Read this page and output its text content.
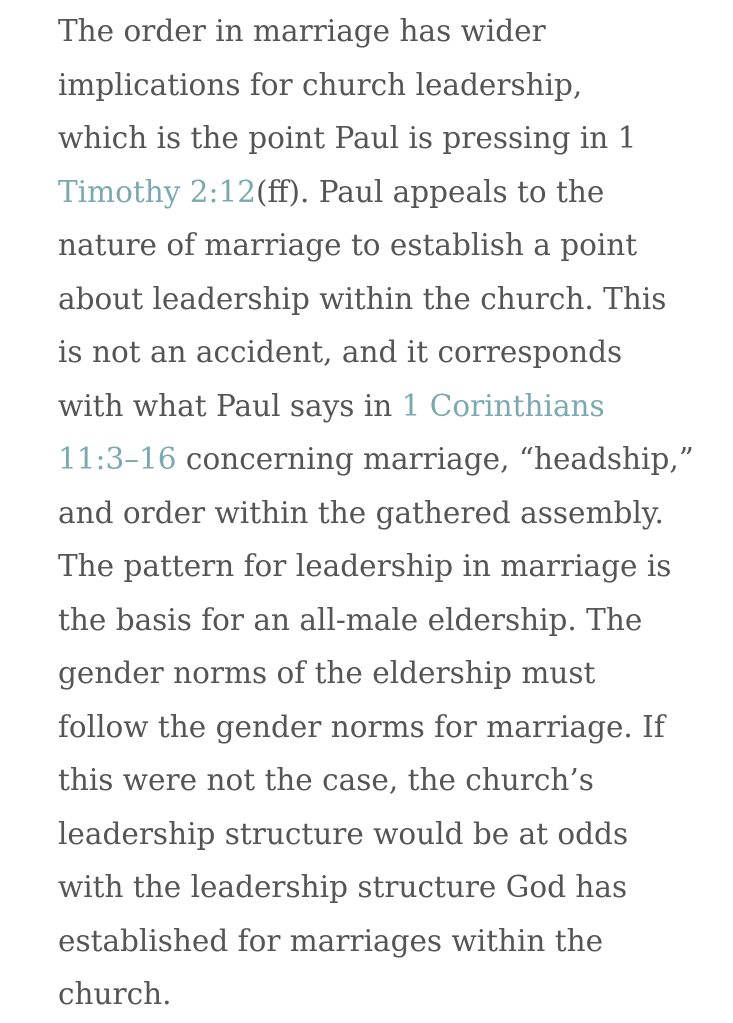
The order in marriage has wider
implications for church leadership,
which is the point Paul is pressing in 1
Timothy 2:12(ff). Paul appeals to the
nature of marriage to establish a point
about leadership within the church. This
is not an accident, and it corresponds
with what Paul says in 1 Corinthians
11:3–16 concerning marriage, “headship,”
and order within the gathered assembly.
The pattern for leadership in marriage is
the basis for an all-male eldership. The
gender norms of the eldership must
follow the gender norms for marriage. If
this were not the case, the church’s
leadership structure would be at odds
with the leadership structure God has
established for marriages within the
church.
